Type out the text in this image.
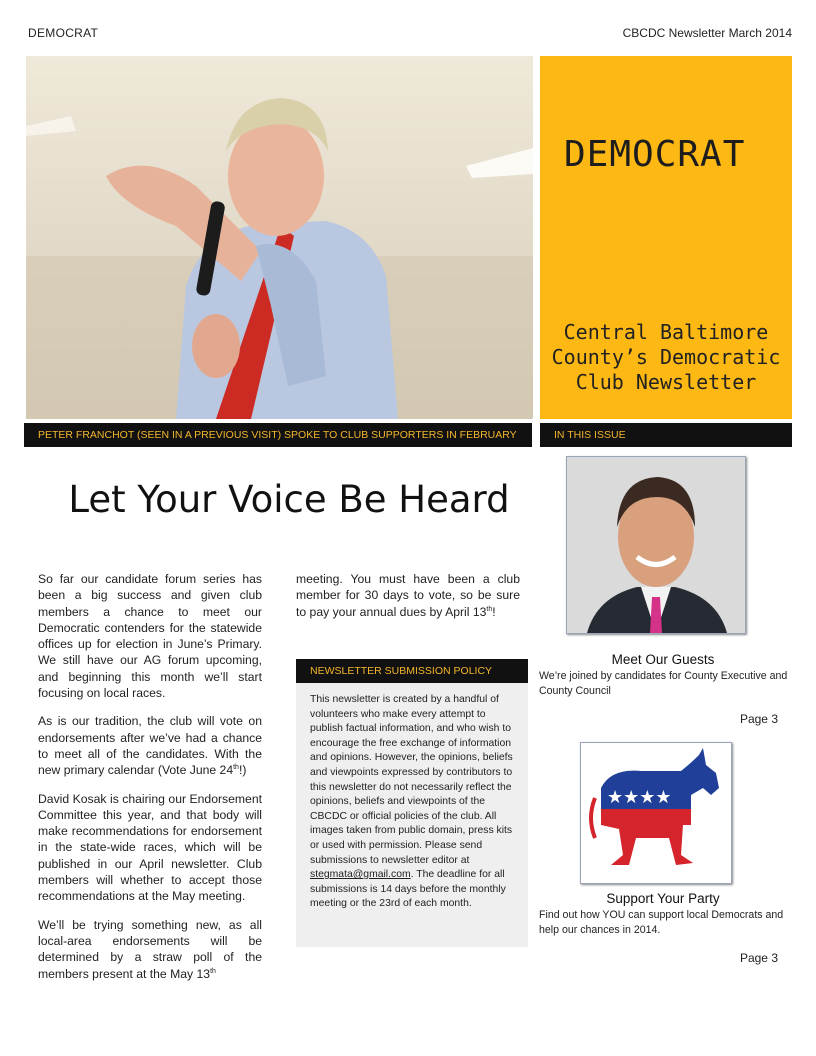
DEMOCRAT	CBCDC Newsletter March 2014
DEMOCRAT
Central Baltimore
County’s Democratic
Club Newsletter
PETER FRANCHOT (SEEN IN A PREVIOUS VISIT) SPOKE TO CLUB SUPPORTERS IN FEBRUARY	IN THIS ISSUE
Let Your Voice Be Heard

So far our candidate forum series has been a big success and given club members a chance to meet our Democratic contenders for the statewide offices up for election in June’s Primary. We still have our AG forum upcoming, and beginning this month we’ll start focusing on local races.

As is our tradition, the club will vote on endorsements after we’ve had a chance to meet all of the candidates. With the new primary calendar (Vote June 24th!)

David Kosak is chairing our Endorsement Committee this year, and that body will make recommendations for endorsement in the state-wide races, which will be published in our April newsletter. Club members will whether to accept those recommendations at the May meeting.

We’ll be trying something new, as all local-area endorsements will be determined by a straw poll of the members present at the May 13th

meeting. You must have been a club member for 30 days to vote, so be sure to pay your annual dues by April 13th!
NEWSLETTER SUBMISSION POLICY
This newsletter is created by a handful of volunteers who make every attempt to publish factual information, and who wish to encourage the free exchange of information and opinions. However, the opinions, beliefs and viewpoints expressed by contributors to this newsletter do not necessarily reflect the opinions, beliefs and viewpoints of the CBCDC or official policies of the club. All images taken from public domain, press kits or used with permission. Please send submissions to newsletter editor at stegmata@gmail.com. The deadline for all submissions is 14 days before the monthly meeting or the 23rd of each month.
Meet Our Guests
We’re joined by candidates for County Executive and County Council
Page 3
★★★★
Support Your Party
Find out how YOU can support local Democrats and help our chances in 2014.
Page 3
